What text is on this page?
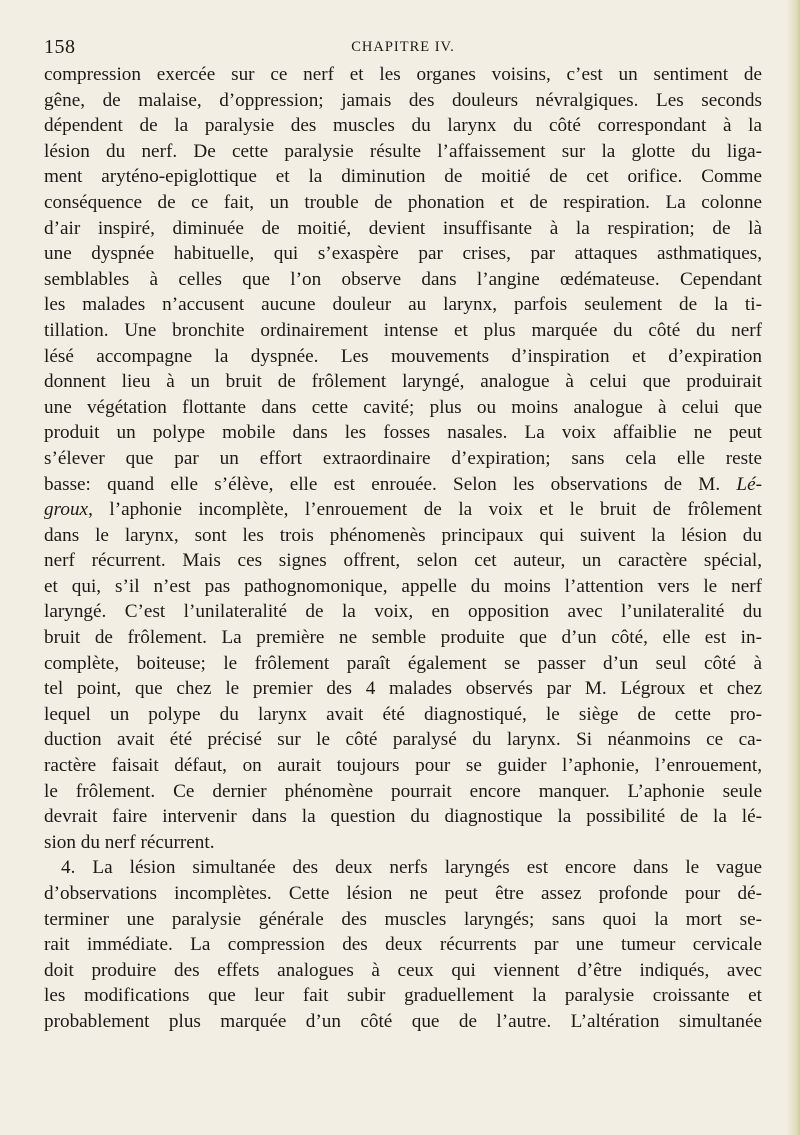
158	CHAPITRE IV.
compression exercée sur ce nerf et les organes voisins, c’est un sentiment de
gêne, de malaise, d’oppression; jamais des douleurs névralgiques. Les seconds
dépendent de la paralysie des muscles du larynx du côté correspondant à la
lésion du nerf. De cette paralysie résulte l’affaissement sur la glotte du liga-
ment aryténo-epiglottique et la diminution de moitié de cet orifice. Comme
conséquence de ce fait, un trouble de phonation et de respiration. La colonne
d’air inspiré, diminuée de moitié, devient insuffisante à la respiration; de là
une dyspnée habituelle, qui s’exaspère par crises, par attaques asthmatiques,
semblables à celles que l’on observe dans l’angine œdémateuse. Cependant
les malades n’accusent aucune douleur au larynx, parfois seulement de la ti-
tillation. Une bronchite ordinairement intense et plus marquée du côté du nerf
lésé accompagne la dyspnée. Les mouvements d’inspiration et d’expiration
donnent lieu à un bruit de frôlement laryngé, analogue à celui que produirait
une végétation flottante dans cette cavité; plus ou moins analogue à celui que
produit un polype mobile dans les fosses nasales. La voix affaiblie ne peut
s’élever que par un effort extraordinaire d’expiration; sans cela elle reste
basse: quand elle s’élève, elle est enrouée. Selon les observations de M. Lé-
groux, l’aphonie incomplète, l’enrouement de la voix et le bruit de frôlement
dans le larynx, sont les trois phénomenès principaux qui suivent la lésion du
nerf récurrent. Mais ces signes offrent, selon cet auteur, un caractère spécial,
et qui, s’il n’est pas pathognomonique, appelle du moins l’attention vers le nerf
laryngé. C’est l’unilateralité de la voix, en opposition avec l’unilateralité du
bruit de frôlement. La première ne semble produite que d’un côté, elle est in-
complète, boiteuse; le frôlement paraît également se passer d’un seul côté à
tel point, que chez le premier des 4 malades observés par M. Légroux et chez
lequel un polype du larynx avait été diagnostiqué, le siège de cette pro-
duction avait été précisé sur le côté paralysé du larynx. Si néanmoins ce ca-
ractère faisait défaut, on aurait toujours pour se guider l’aphonie, l’enrouement,
le frôlement. Ce dernier phénomène pourrait encore manquer. L’aphonie seule
devrait faire intervenir dans la question du diagnostique la possibilité de la lé-
sion du nerf récurrent.
4. La lésion simultanée des deux nerfs laryngés est encore dans le vague
d’observations incomplètes. Cette lésion ne peut être assez profonde pour dé-
terminer une paralysie générale des muscles laryngés; sans quoi la mort se-
rait immédiate. La compression des deux récurrents par une tumeur cervicale
doit produire des effets analogues à ceux qui viennent d’être indiqués, avec
les modifications que leur fait subir graduellement la paralysie croissante et
probablement plus marquée d’un côté que de l’autre. L’altération simultanée
